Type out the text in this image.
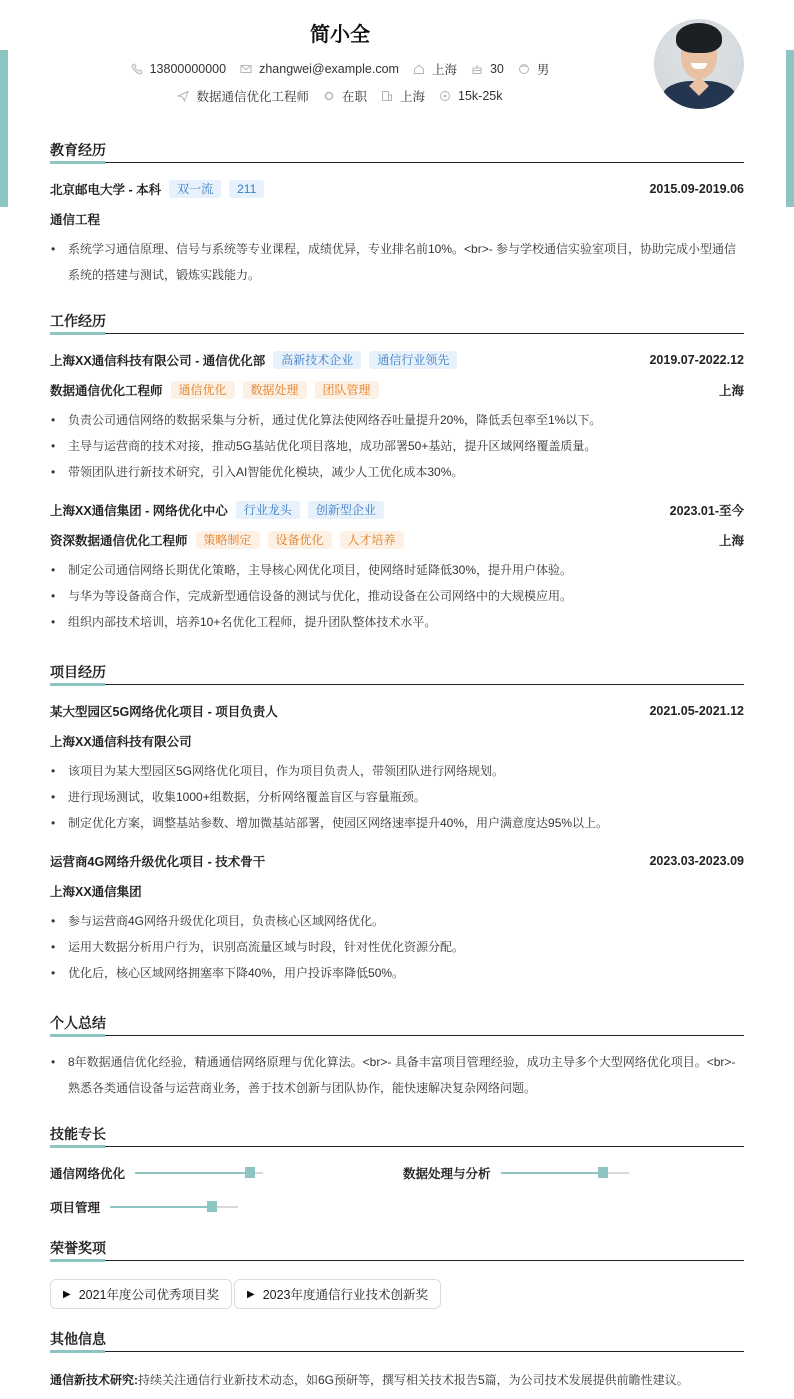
简小全
13800000000	zhangwei@example.com	上海	30	男
数据通信优化工程师	在职	上海	15k-25k
教育经历
北京邮电大学 - 本科	双一流	211	2015.09-2019.06
通信工程
• 系统学习通信原理、信号与系统等专业课程，成绩优异，专业排名前10%。<br>- 参与学校通信实验室项目，协助完成小型通信系统的搭建与测试，锻炼实践能力。
工作经历
上海XX通信科技有限公司 - 通信优化部	高新技术企业	通信行业领先	2019.07-2022.12
数据通信优化工程师	通信优化	数据处理	团队管理	上海
• 负责公司通信网络的数据采集与分析，通过优化算法使网络吞吐量提升20%，降低丢包率至1%以下。
• 主导与运营商的技术对接，推动5G基站优化项目落地，成功部署50+基站，提升区域网络覆盖质量。
• 带领团队进行新技术研究，引入AI智能优化模块，减少人工优化成本30%。
上海XX通信集团 - 网络优化中心	行业龙头	创新型企业	2023.01-至今
资深数据通信优化工程师	策略制定	设备优化	人才培养	上海
• 制定公司通信网络长期优化策略，主导核心网优化项目，使网络时延降低30%，提升用户体验。
• 与华为等设备商合作，完成新型通信设备的测试与优化，推动设备在公司网络中的大规模应用。
• 组织内部技术培训，培养10+名优化工程师，提升团队整体技术水平。
项目经历
某大型园区5G网络优化项目 - 项目负责人	2021.05-2021.12
上海XX通信科技有限公司
• 该项目为某大型园区5G网络优化项目，作为项目负责人，带领团队进行网络规划。
• 进行现场测试，收集1000+组数据，分析网络覆盖盲区与容量瓶颈。
• 制定优化方案，调整基站参数、增加微基站部署，使园区网络速率提升40%，用户满意度达95%以上。
运营商4G网络升级优化项目 - 技术骨干	2023.03-2023.09
上海XX通信集团
• 参与运营商4G网络升级优化项目，负责核心区域网络优化。
• 运用大数据分析用户行为，识别高流量区域与时段，针对性优化资源分配。
• 优化后，核心区域网络拥塞率下降40%，用户投诉率降低50%。
个人总结
• 8年数据通信优化经验，精通通信网络原理与优化算法。<br>- 具备丰富项目管理经验，成功主导多个大型网络优化项目。<br>- 熟悉各类通信设备与运营商业务，善于技术创新与团队协作，能快速解决复杂网络问题。
技能专长
通信网络优化	数据处理与分析
项目管理
荣誉奖项
▶ 2021年度公司优秀项目奖	▶ 2023年度通信行业技术创新奖
其他信息
通信新技术研究:持续关注通信行业新技术动态，如6G预研等，撰写相关技术报告5篇，为公司技术发展提供前瞻性建议。
